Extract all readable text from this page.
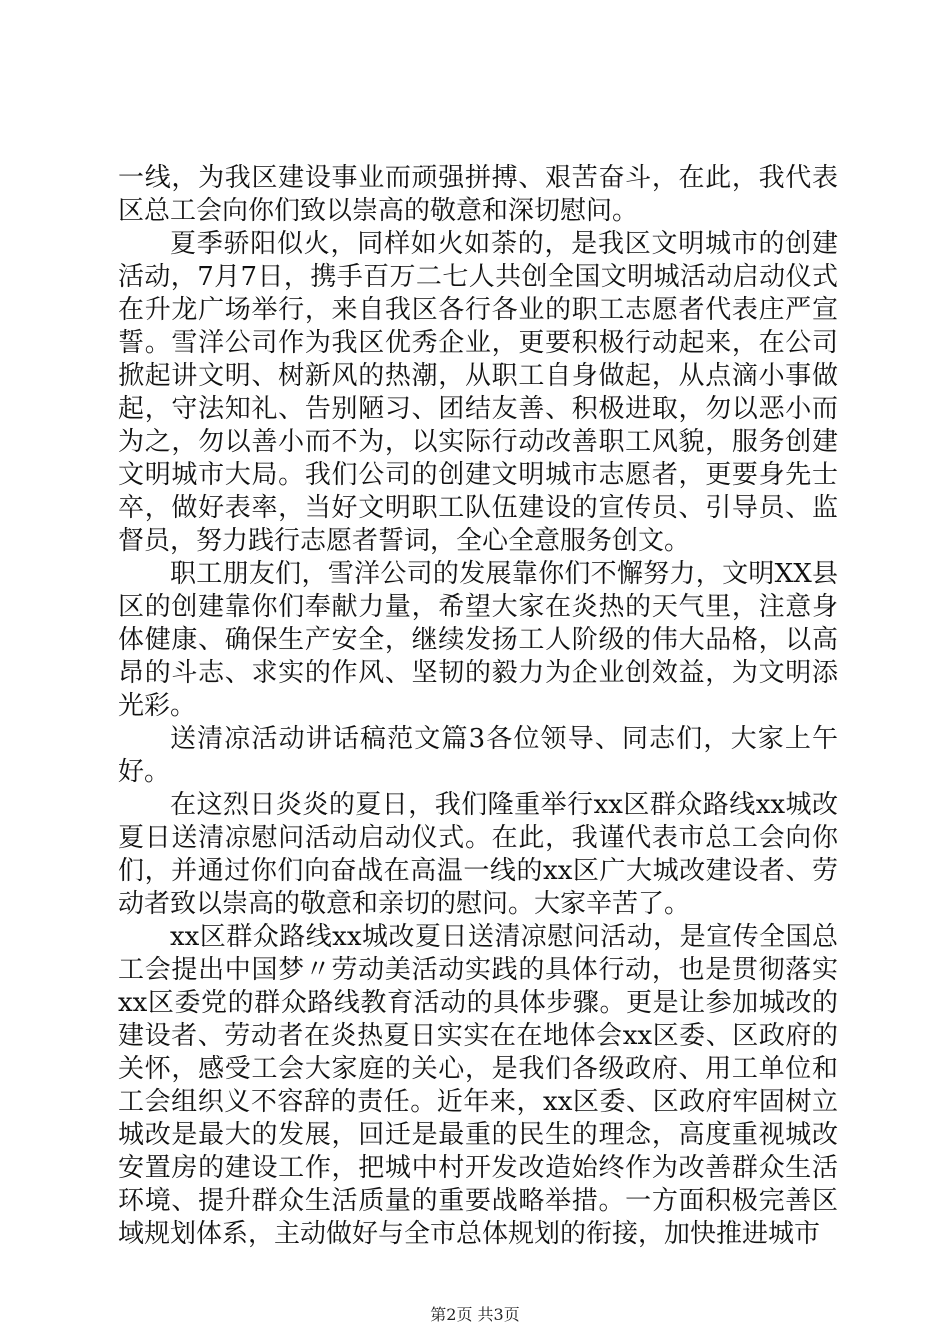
一线，为我区建设事业而顽强拼搏、艰苦奋斗，在此，我代表区总工会向你们致以崇高的敬意和深切慰问。

夏季骄阳似火，同样如火如荼的，是我区文明城市的创建活动，7月7日，携手百万二七人共创全国文明城活动启动仪式在升龙广场举行，来自我区各行各业的职工志愿者代表庄严宣誓。雪洋公司作为我区优秀企业，更要积极行动起来，在公司掀起讲文明、树新风的热潮，从职工自身做起，从点滴小事做起，守法知礼、告别陋习、团结友善、积极进取，勿以恶小而为之，勿以善小而不为，以实际行动改善职工风貌，服务创建文明城市大局。我们公司的创建文明城市志愿者，更要身先士卒，做好表率，当好文明职工队伍建设的宣传员、引导员、监督员，努力践行志愿者誓词，全心全意服务创文。

职工朋友们，雪洋公司的发展靠你们不懈努力，文明XX县区的创建靠你们奉献力量，希望大家在炎热的天气里，注意身体健康、确保生产安全，继续发扬工人阶级的伟大品格，以高昂的斗志、求实的作风、坚韧的毅力为企业创效益，为文明添光彩。

送清凉活动讲话稿范文篇3各位领导、同志们，大家上午好。

在这烈日炎炎的夏日，我们隆重举行xx区群众路线xx城改夏日送清凉慰问活动启动仪式。在此，我谨代表市总工会向你们，并通过你们向奋战在高温一线的xx区广大城改建设者、劳动者致以崇高的敬意和亲切的慰问。大家辛苦了。

xx区群众路线xx城改夏日送清凉慰问活动，是宣传全国总工会提出中国梦〃劳动美活动实践的具体行动，也是贯彻落实xx区委党的群众路线教育活动的具体步骤。更是让参加城改的建设者、劳动者在炎热夏日实实在在地体会xx区委、区政府的关怀，感受工会大家庭的关心，是我们各级政府、用工单位和工会组织义不容辞的责任。近年来，xx区委、区政府牢固树立城改是最大的发展，回迁是最重的民生的理念，高度重视城改安置房的建设工作，把城中村开发改造始终作为改善群众生活环境、提升群众生活质量的重要战略举措。一方面积极完善区域规划体系，主动做好与全市总体规划的衔接，加快推进城市

第2页 共3页
